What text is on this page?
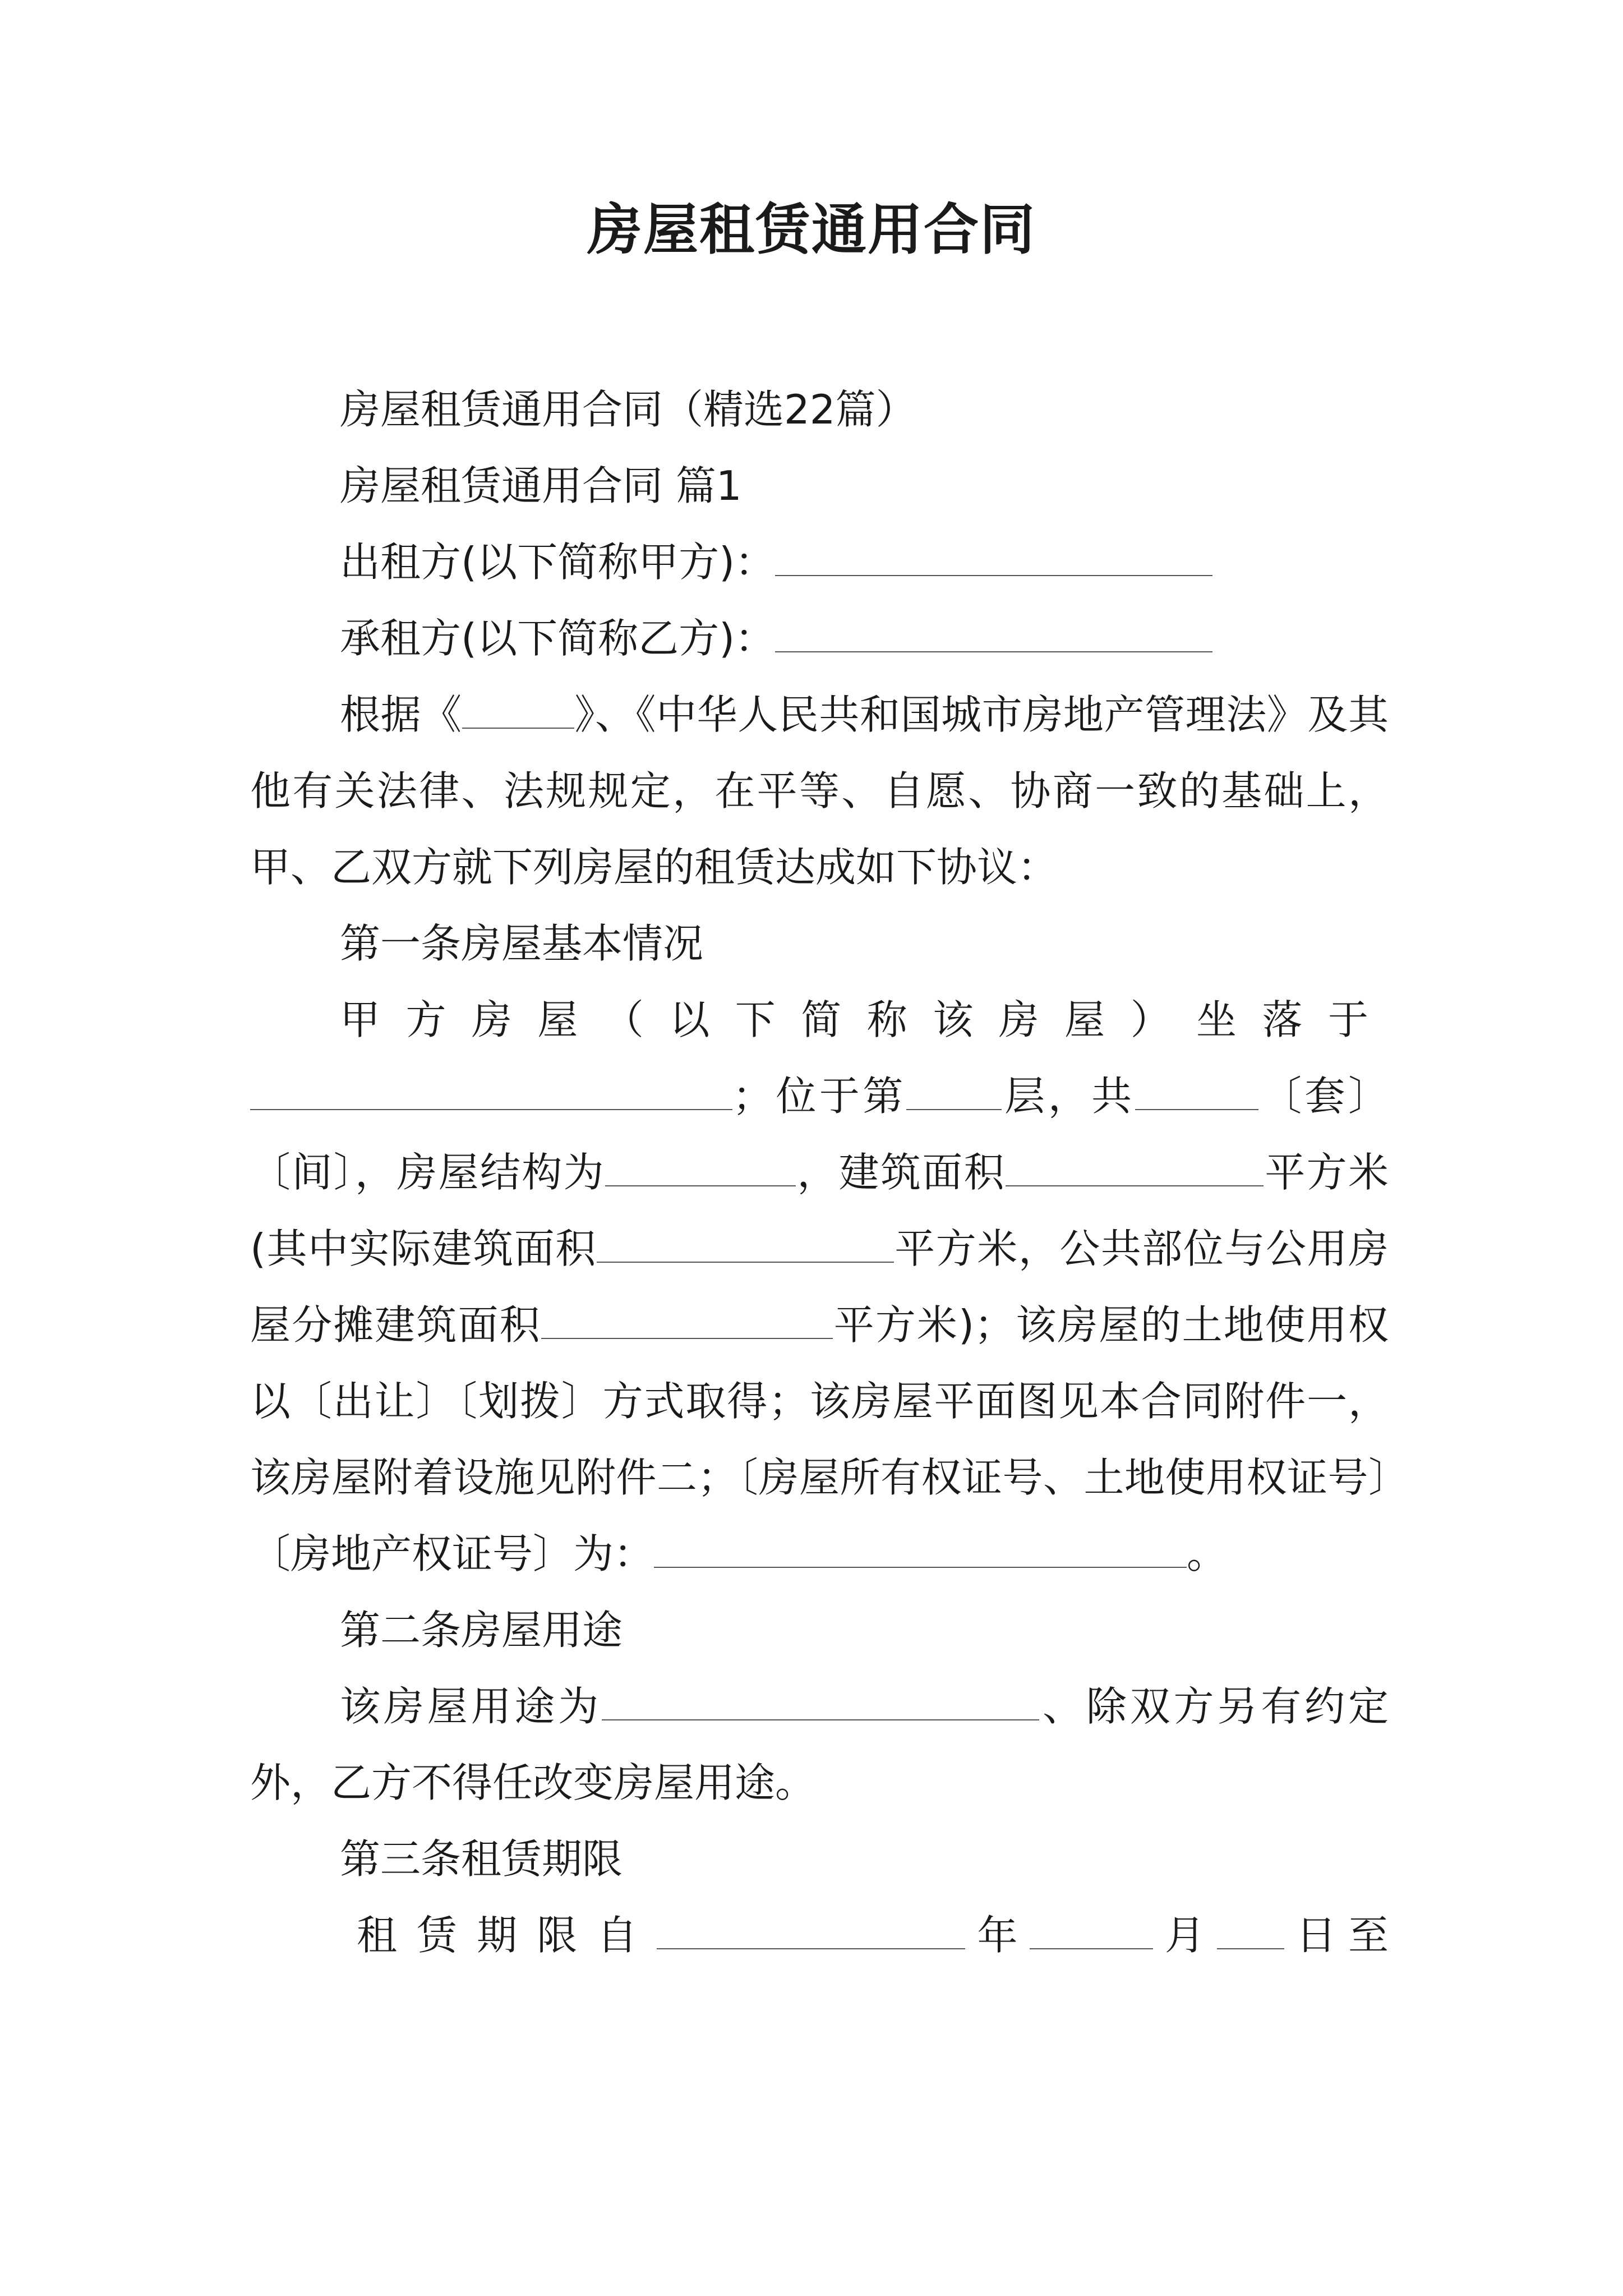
房屋租赁通用合同

房屋租赁通用合同（精选22篇）

房屋租赁通用合同 篇1

出租方(以下简称甲方)：

承租方(以下简称乙方)：

根据《	》、《中华人民共和国城市房地产管理法》及其他有关法律、法规规定，在平等、自愿、协商一致的基础上，甲、乙双方就下列房屋的租赁达成如下协议：

第一条房屋基本情况

甲方房屋（以下简称该房屋）坐落于；位于第 层，共	〔套〕〔间〕，房屋结构为	，建筑面积	平方米(其中实际建筑面积	平方米，公共部位与公用房屋分摊建筑面积	平方米)；该房屋的土地使用权以〔出让〕〔划拨〕方式取得；该房屋平面图见本合同附件一，该房屋附着设施见附件二；〔房屋所有权证号、土地使用权证号〕〔房地产权证号〕为：	。

第二条房屋用途

该房屋用途为	、除双方另有约定外，乙方不得任改变房屋用途。

第三条租赁期限

租赁期限自	年	月 日至
